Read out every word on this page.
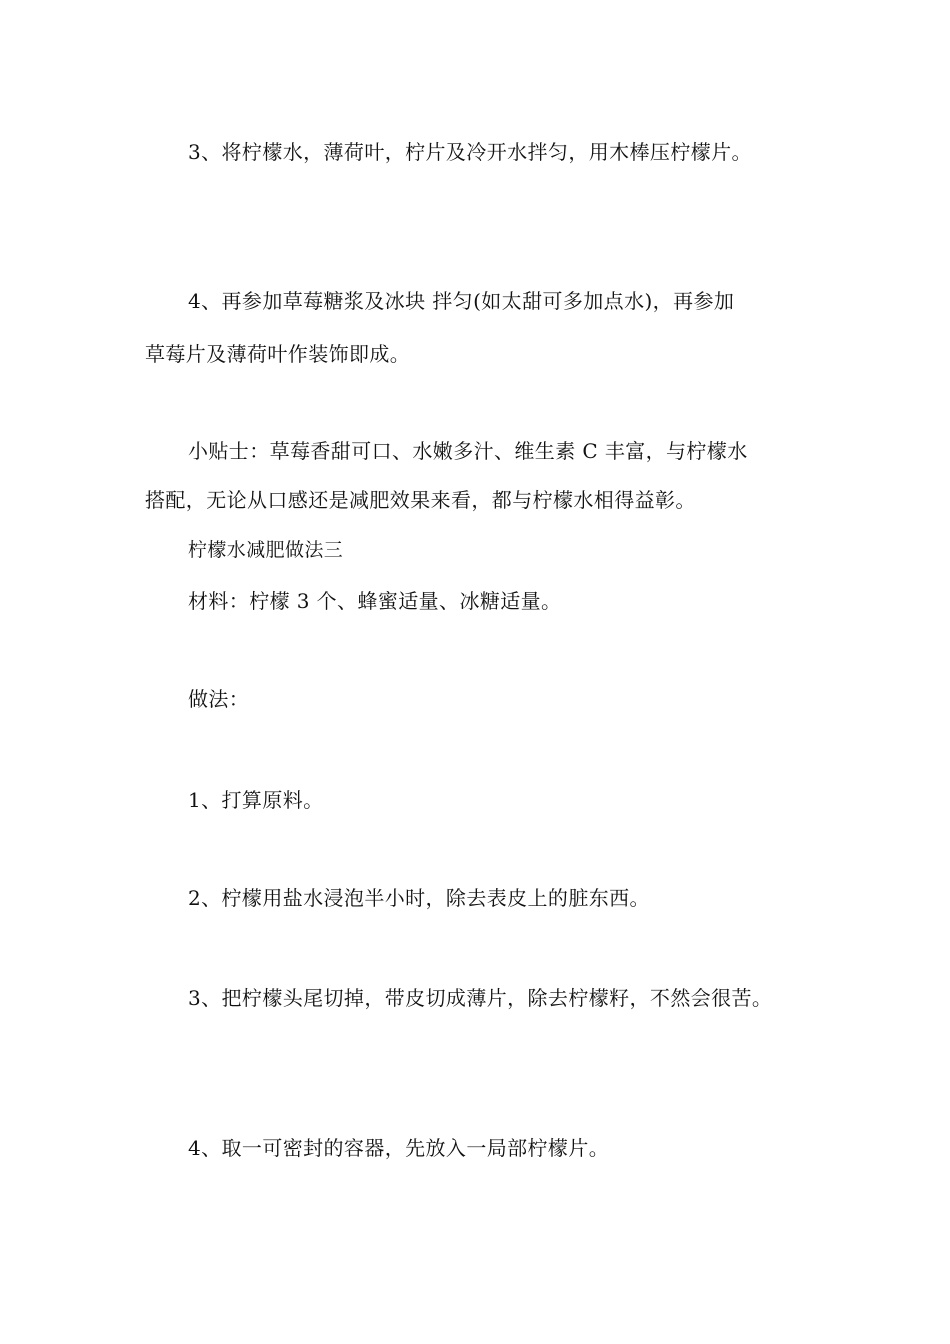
3、将柠檬水，薄荷叶，柠片及冷开水拌匀，用木棒压柠檬片。
4、再参加草莓糖浆及冰块 拌匀(如太甜可多加点水)，再参加
草莓片及薄荷叶作装饰即成。
小贴士：草莓香甜可口、水嫩多汁、维生素 C 丰富，与柠檬水
搭配，无论从口感还是减肥效果来看，都与柠檬水相得益彰。
柠檬水减肥做法三
材料：柠檬 3 个、蜂蜜适量、冰糖适量。
做法：
1、打算原料。
2、柠檬用盐水浸泡半小时，除去表皮上的脏东西。
3、把柠檬头尾切掉，带皮切成薄片，除去柠檬籽，不然会很苦。
4、取一可密封的容器，先放入一局部柠檬片。
